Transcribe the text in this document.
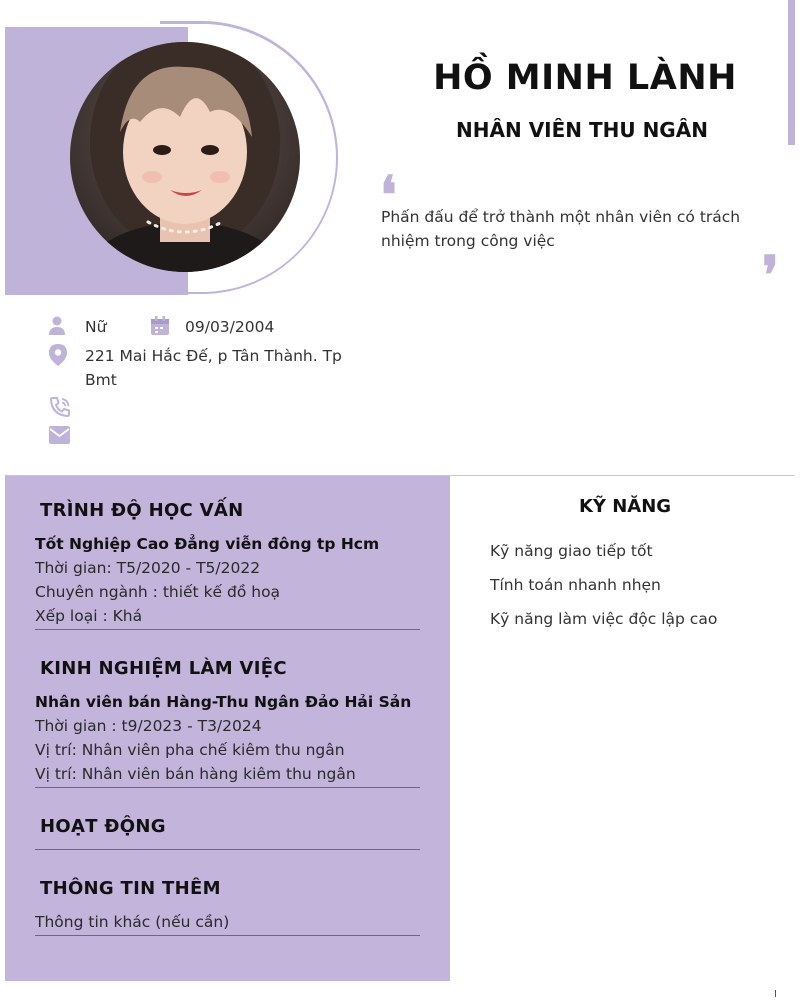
HỒ MINH LÀNH
NHÂN VIÊN THU NGÂN
❛
Phấn đấu để trở thành một nhân viên có trách nhiệm trong công việc
❜
Nữ	09/03/2004
221 Mai Hắc Đế, p Tân Thành. Tp Bmt
TRÌNH ĐỘ HỌC VẤN
Tốt Nghiệp Cao Đẳng viễn đông tp Hcm
Thời gian: T5/2020 - T5/2022
Chuyên ngành : thiết kế đồ hoạ
Xếp loại : Khá
KINH NGHIỆM LÀM VIỆC
Nhân viên bán Hàng-Thu Ngân Đảo Hải Sản
Thời gian : t9/2023 - T3/2024
Vị trí: Nhân viên pha chế kiêm thu ngân
Vị trí: Nhân viên bán hàng kiêm thu ngân
HOẠT ĐỘNG
THÔNG TIN THÊM
Thông tin khác (nếu cần)
KỸ NĂNG
Kỹ năng giao tiếp tốt
Tính toán nhanh nhẹn
Kỹ năng làm việc độc lập cao
